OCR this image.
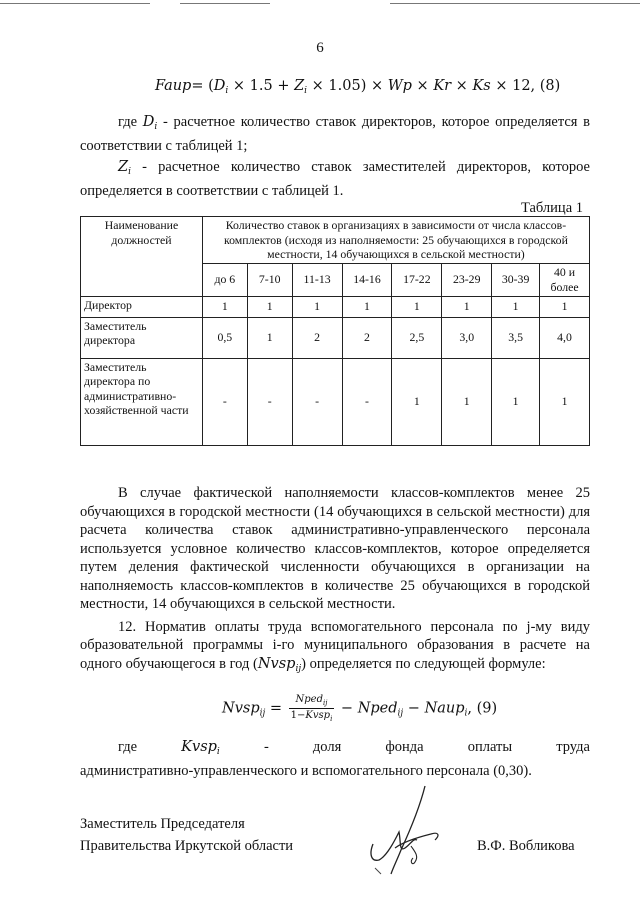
6
Faup= $(D_i \times 1.5 + Z_i \times 1.05) \times Wp \times Kr \times Ks \times 12$, (8)

где $D_i$ - расчетное количество ставок директоров, которое определяется в соответствии с таблицей 1;

$Z_i$ - расчетное количество ставок заместителей директоров, которое определяется в соответствии с таблицей 1.

Таблица 1
Наименование должностей	Количество ставок в организациях в зависимости от числа классов-комплектов (исходя из наполняемости: 25 обучающихся в городской местности, 14 обучающихся в сельской местности)							
	до 6	7-10	11-13	14-16	17-22	23-29	30-39	40 и более
Директор	1	1	1	1	1	1	1	1
Заместитель директора	0,5	1	2	2	2,5	3,0	3,5	4,0
Заместитель директора по административно-хозяйственной части	-	-	-	-	1	1	1	1

В случае фактической наполняемости классов-комплектов менее 25 обучающихся в городской местности (14 обучающихся в сельской местности) для расчета количества ставок административно-управленческого персонала используется условное количество классов-комплектов, которое определяется путем деления фактической численности обучающихся в организации на наполняемость классов-комплектов в количестве 25 обучающихся в городской местности, 14 обучающихся в сельской местности.

12. Норматив оплаты труда вспомогательного персонала по j-му виду образовательной программы i-го муниципального образования в расчете на одного обучающегося в год (Nvsp$_{ij}$) определяется по следующей формуле:

Nvsp$_{ij}$ = $\frac{Nped_{ij}}{1-Kvsp_i}$ − Nped$_{ij}$ − Naup$_i$, (9)
где	Kvsp$_i$	-	доля	фонда	оплаты	труда
административно-управленческого и вспомогательного персонала (0,30).
Заместитель Председателя
Правительства Иркутской области	В.Ф. Вобликова
